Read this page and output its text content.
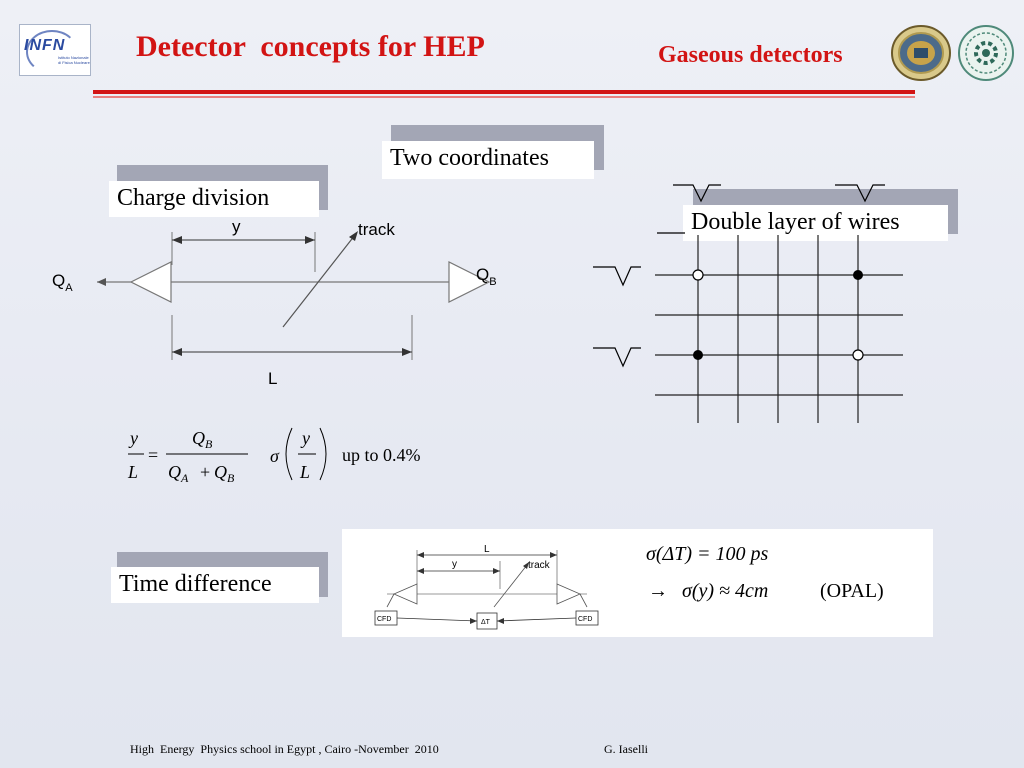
INFN
Istituto Nazionale di Fisica Nucleare Detector  concepts for HEP	Gaseous detectors
Two coordinates
Charge division
Double layer of wires
Time difference
y	track
$Q_A$
$Q_B$
L
y
L
=
$Q_B$
$Q_A + Q_B$
σ
y
L
up to 0.4%
L
y	track
CFD	CFD
ΔT
σ(ΔT) = 100 ps
→ σ(y) ≈ 4cm	(OPAL)
High  Energy  Physics school in Egypt , Cairo -November  2010	G. Iaselli
